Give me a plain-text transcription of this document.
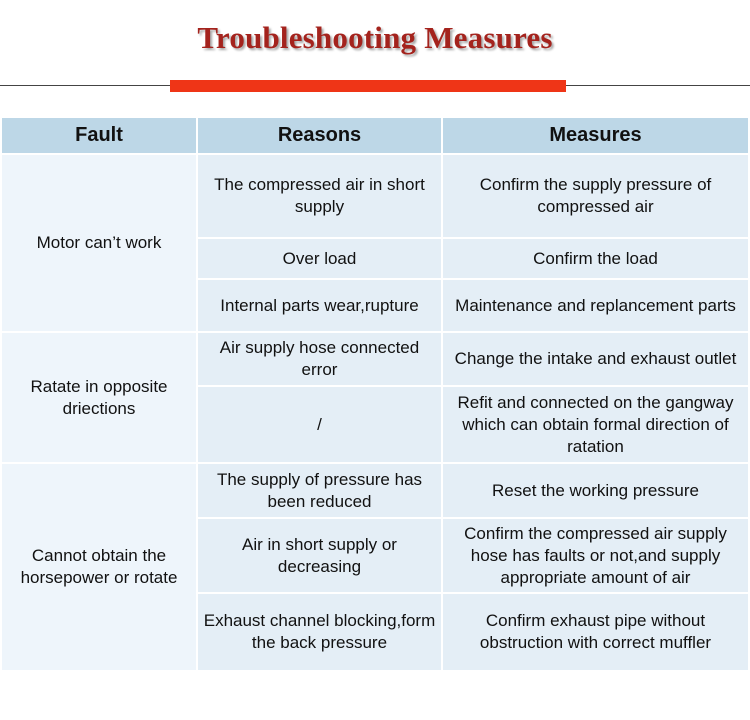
Troubleshooting Measures
Fault	Reasons	Measures
Motor can’t work	The compressed air in short supply	Confirm the supply pressure of compressed air
	Over load	Confirm the load
	Internal parts wear,rupture	Maintenance and replancement parts
Ratate in opposite driections	Air supply hose connected error	Change the intake and exhaust outlet
	/	Refit and connected on the gangway which can obtain formal direction of ratation
Cannot obtain the horsepower or rotate	The supply of pressure has been reduced	Reset the working pressure
	Air in short supply or decreasing	Confirm the compressed air supply hose has faults or not,and supply appropriate amount of air
	Exhaust channel blocking,form the back pressure	Confirm exhaust pipe without obstruction with correct muffler
